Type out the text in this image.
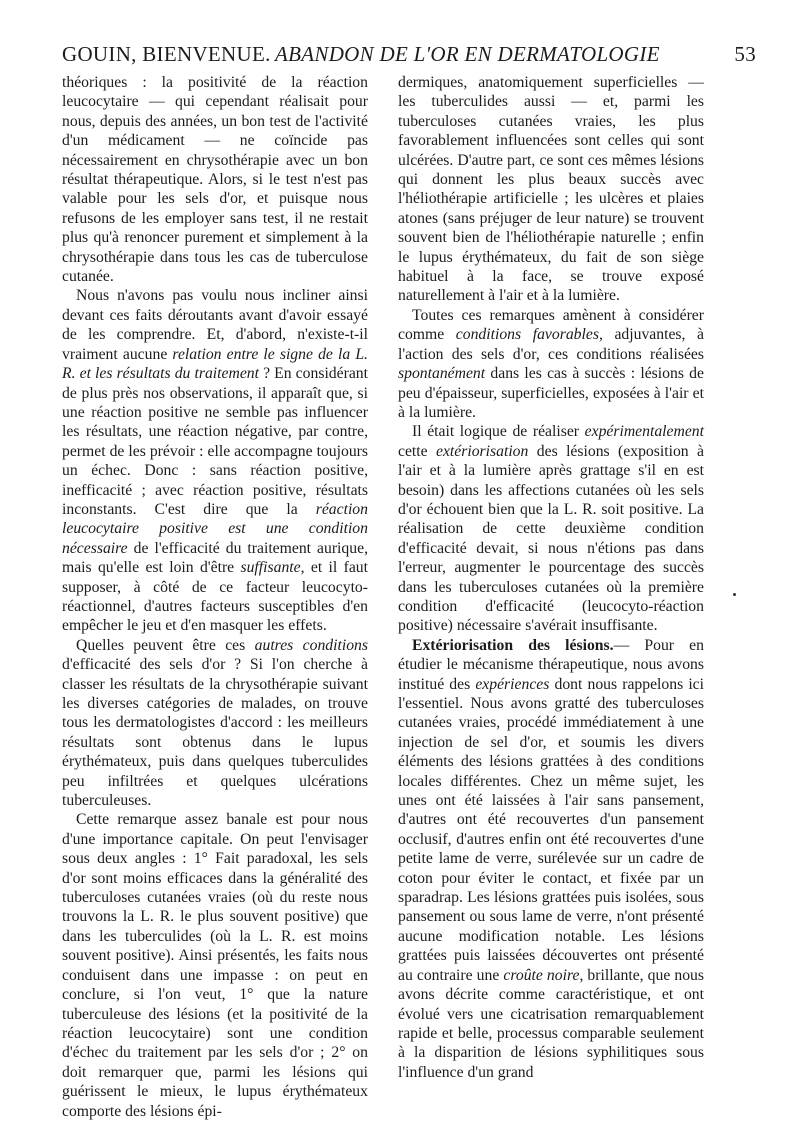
GOUIN, BIENVENUE. ABANDON DE L'OR EN DERMATOLOGIE	53

théoriques : la positivité de la réaction leucocytaire — qui cependant réalisait pour nous, depuis des années, un bon test de l'activité d'un médicament — ne coïncide pas nécessairement en chrysothérapie avec un bon résultat thérapeutique. Alors, si le test n'est pas valable pour les sels d'or, et puisque nous refusons de les employer sans test, il ne restait plus qu'à renoncer purement et simplement à la chrysothérapie dans tous les cas de tuberculose cutanée.

Nous n'avons pas voulu nous incliner ainsi devant ces faits déroutants avant d'avoir essayé de les comprendre. Et, d'abord, n'existe-t-il vraiment aucune relation entre le signe de la L. R. et les résultats du traitement ? En considérant de plus près nos observations, il apparaît que, si une réaction positive ne semble pas influencer les résultats, une réaction négative, par contre, permet de les prévoir : elle accompagne toujours un échec. Donc : sans réaction positive, inefficacité ; avec réaction positive, résultats inconstants. C'est dire que la réaction leucocytaire positive est une condition nécessaire de l'efficacité du traitement aurique, mais qu'elle est loin d'être suffisante, et il faut supposer, à côté de ce facteur leucocyto-réactionnel, d'autres facteurs susceptibles d'en empêcher le jeu et d'en masquer les effets.

Quelles peuvent être ces autres conditions d'efficacité des sels d'or ? Si l'on cherche à classer les résultats de la chrysothérapie suivant les diverses catégories de malades, on trouve tous les dermatologistes d'accord : les meilleurs résultats sont obtenus dans le lupus érythémateux, puis dans quelques tuberculides peu infiltrées et quelques ulcérations tuberculeuses.

Cette remarque assez banale est pour nous d'une importance capitale. On peut l'envisager sous deux angles : 1° Fait paradoxal, les sels d'or sont moins efficaces dans la généralité des tuberculoses cutanées vraies (où du reste nous trouvons la L. R. le plus souvent positive) que dans les tuberculides (où la L. R. est moins souvent positive). Ainsi présentés, les faits nous conduisent dans une impasse : on peut en conclure, si l'on veut, 1° que la nature tuberculeuse des lésions (et la positivité de la réaction leucocytaire) sont une condition d'échec du traitement par les sels d'or ; 2° on doit remarquer que, parmi les lésions qui guérissent le mieux, le lupus érythémateux comporte des lésions épi-

dermiques, anatomiquement superficielles — les tuberculides aussi — et, parmi les tuberculoses cutanées vraies, les plus favorablement influencées sont celles qui sont ulcérées. D'autre part, ce sont ces mêmes lésions qui donnent les plus beaux succès avec l'héliothérapie artificielle ; les ulcères et plaies atones (sans préjuger de leur nature) se trouvent souvent bien de l'héliothérapie naturelle ; enfin le lupus érythémateux, du fait de son siège habituel à la face, se trouve exposé naturellement à l'air et à la lumière.

Toutes ces remarques amènent à considérer comme conditions favorables, adjuvantes, à l'action des sels d'or, ces conditions réalisées spontanément dans les cas à succès : lésions de peu d'épaisseur, superficielles, exposées à l'air et à la lumière.

Il était logique de réaliser expérimentalement cette extériorisation des lésions (exposition à l'air et à la lumière après grattage s'il en est besoin) dans les affections cutanées où les sels d'or échouent bien que la L. R. soit positive. La réalisation de cette deuxième condition d'efficacité devait, si nous n'étions pas dans l'erreur, augmenter le pourcentage des succès dans les tuberculoses cutanées où la première condition d'efficacité (leucocyto-réaction positive) nécessaire s'avérait insuffisante.

Extériorisation des lésions.— Pour en étudier le mécanisme thérapeutique, nous avons institué des expériences dont nous rappelons ici l'essentiel. Nous avons gratté des tuberculoses cutanées vraies, procédé immédiatement à une injection de sel d'or, et soumis les divers éléments des lésions grattées à des conditions locales différentes. Chez un même sujet, les unes ont été laissées à l'air sans pansement, d'autres ont été recouvertes d'un pansement occlusif, d'autres enfin ont été recouvertes d'une petite lame de verre, surélevée sur un cadre de coton pour éviter le contact, et fixée par un sparadrap. Les lésions grattées puis isolées, sous pansement ou sous lame de verre, n'ont présenté aucune modification notable. Les lésions grattées puis laissées découvertes ont présenté au contraire une croûte noire, brillante, que nous avons décrite comme caractéristique, et ont évolué vers une cicatrisation remarquablement rapide et belle, processus comparable seulement à la disparition de lésions syphilitiques sous l'influence d'un grand
